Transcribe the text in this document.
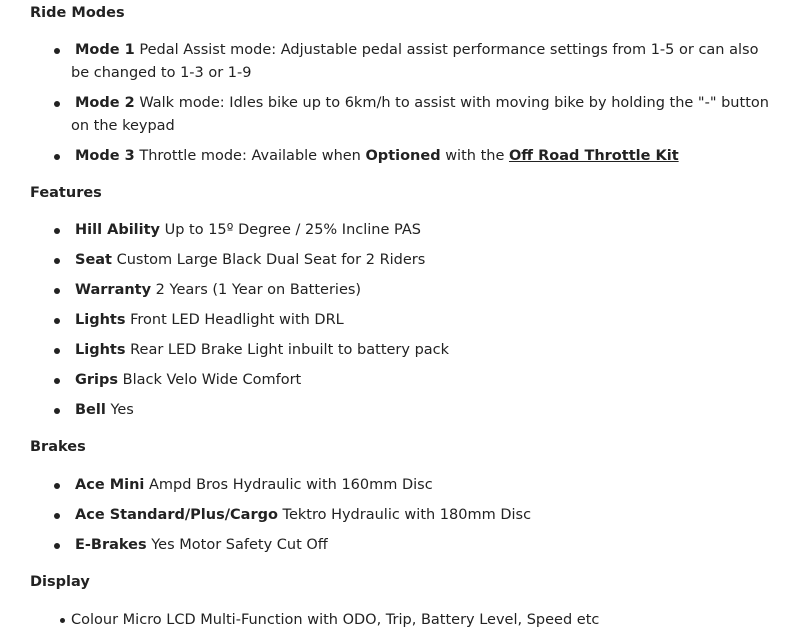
Ride Modes
Mode 1 Pedal Assist mode: Adjustable pedal assist performance settings from 1-5 or can also be changed to 1-3 or 1-9
Mode 2 Walk mode: Idles bike up to 6km/h to assist with moving bike by holding the "-" button on the keypad
Mode 3 Throttle mode: Available when Optioned with the Off Road Throttle Kit
Features
Hill Ability Up to 15º Degree / 25% Incline PAS
Seat Custom Large Black Dual Seat for 2 Riders
Warranty 2 Years (1 Year on Batteries)
Lights Front LED Headlight with DRL
Lights Rear LED Brake Light inbuilt to battery pack
Grips Black Velo Wide Comfort
Bell Yes
Brakes
Ace Mini Ampd Bros Hydraulic with 160mm Disc
Ace Standard/Plus/Cargo Tektro Hydraulic with 180mm Disc
E-Brakes Yes Motor Safety Cut Off
Display
Colour Micro LCD Multi-Function with ODO, Trip, Battery Level, Speed etc
